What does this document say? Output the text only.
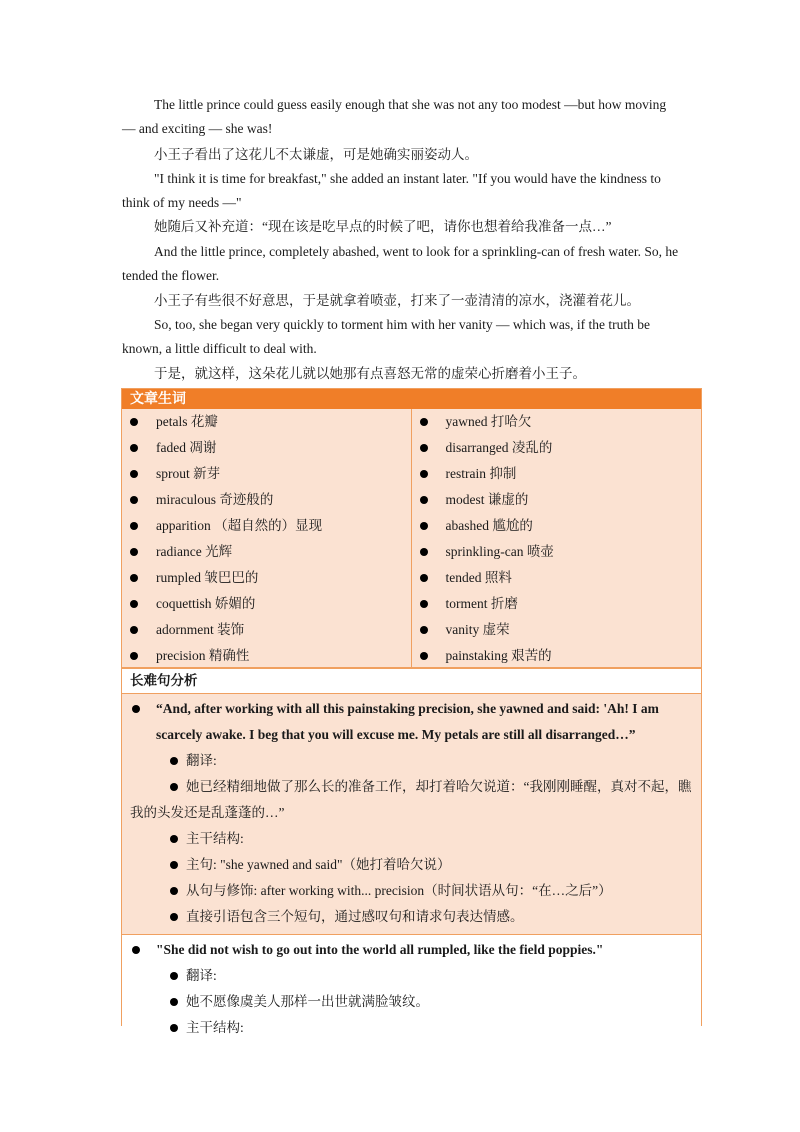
The little prince could guess easily enough that she was not any too modest —but how moving — and exciting — she was!

小王子看出了这花儿不太谦虚，可是她确实丽姿动人。

"I think it is time for breakfast," she added an instant later. "If you would have the kindness to think of my needs —"

她随后又补充道：“现在该是吃早点的时候了吧，请你也想着给我准备一点…”

And the little prince, completely abashed, went to look for a sprinkling-can of fresh water. So, he tended the flower.

小王子有些很不好意思，于是就拿着喷壶，打来了一壶清清的凉水，浇灌着花儿。

So, too, she began very quickly to torment him with her vanity — which was, if the truth be known, a little difficult to deal with.

于是，就这样，这朵花儿就以她那有点喜怒无常的虚荣心折磨着小王子。

文章生词
petals 花瓣
faded 凋谢
sprout 新芽
miraculous 奇迹般的
apparition （超自然的）显现
radiance 光辉
rumpled 皱巴巴的
coquettish 娇媚的
adornment 装饰
precision 精确性
yawned 打哈欠
disarranged 凌乱的
restrain 抑制
modest 谦虚的
abashed 尴尬的
sprinkling-can 喷壶
tended 照料
torment 折磨
vanity 虚荣
painstaking 艰苦的
长难句分析

“And, after working with all this painstaking precision, she yawned and said: 'Ah! I am scarcely awake. I beg that you will excuse me. My petals are still all disarranged…”

翻译:

她已经精细地做了那么长的准备工作，却打着哈欠说道：“我刚刚睡醒，真对不起，瞧我的头发还是乱蓬蓬的…”

主干结构:

主句: "she yawned and said"（她打着哈欠说）

从句与修饰: after working with... precision（时间状语从句：“在…之后”）

直接引语包含三个短句，通过感叹句和请求句表达情感。

"She did not wish to go out into the world all rumpled, like the field poppies."

翻译:

她不愿像虞美人那样一出世就满脸皱纹。

主干结构:
